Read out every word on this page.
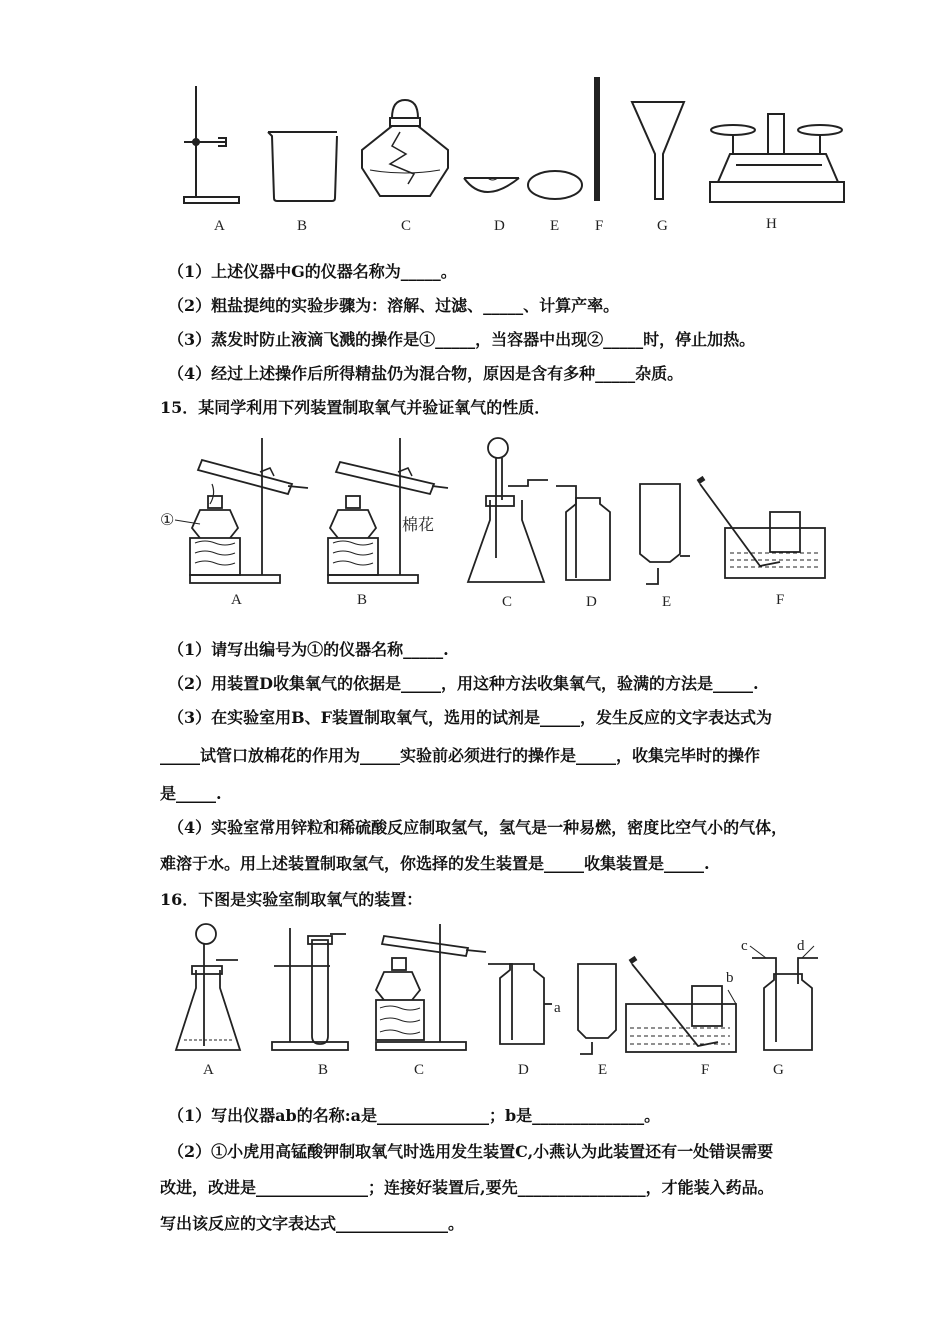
A	B	C	D	E F	G	H
（1）上述仪器中G的仪器名称为_____。
（2）粗盐提纯的实验步骤为：溶解、过滤、_____、计算产率。
（3）蒸发时防止液滴飞溅的操作是①_____，当容器中出现②_____时，停止加热。
（4）经过上述操作后所得精盐仍为混合物，原因是含有多种_____杂质。
15．某同学利用下列装置制取氧气并验证氧气的性质．
①	棉花
A	B	C	D	E	F
（1）请写出编号为①的仪器名称_____.
（2）用装置D收集氧气的依据是_____，用这种方法收集氧气，验满的方法是_____.
（3）在实验室用B、F装置制取氧气，选用的试剂是_____，发生反应的文字表达式为
_____试管口放棉花的作用为_____实验前必须进行的操作是_____，收集完毕时的操作
是_____.
（4）实验室常用锌粒和稀硫酸反应制取氢气，氢气是一种易燃，密度比空气小的气体，
难溶于水。用上述装置制取氢气，你选择的发生装置是_____收集装置是_____.
16．下图是实验室制取氧气的装置：
a
b
c	d
A	B	C	D	E	F	G
（1）写出仪器ab的名称:a是______________；b是______________。
（2）①小虎用高锰酸钾制取氧气时选用发生装置C,小燕认为此装置还有一处错误需要
改进，改进是______________；连接好装置后,要先________________，才能装入药品。
写出该反应的文字表达式______________。
